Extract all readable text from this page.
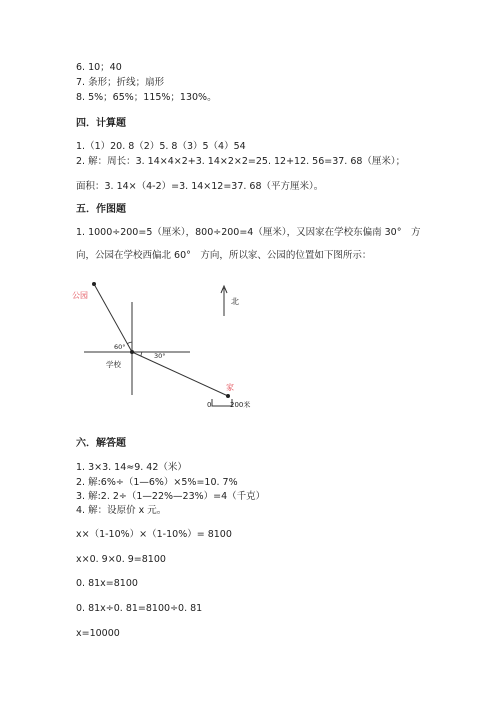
6. 10；40
7. 条形；折线；扇形
8. 5%；65%；115%；130%。
四．计算题
1.（1）20. 8（2）5. 8（3）5（4）54
2. 解：周长：3. 14×4×2+3. 14×2×2=25. 12+12. 56=37. 68（厘米）；
面积：3. 14×（4-2）=3. 14×12=37. 68（平方厘米）。
五．作图题
1. 1000÷200=5（厘米），800÷200=4（厘米），又因家在学校东偏南 30°　方
向，公园在学校西偏北 60°　方向，所以家、公园的位置如下图所示：
公园
家
学校
北
60°
30°
0	200米
六．解答题
1. 3×3. 14≈9. 42（米）
2. 解:6%÷（1—6%）×5%=10. 7%
3. 解:2. 2÷（1—22%—23%）=4（千克）
4. 解：设原价 x 元。
x×（1-10%）×（1-10%）= 8100
x×0. 9×0. 9=8100
0. 81x=8100
0. 81x÷0. 81=8100÷0. 81
x=10000
